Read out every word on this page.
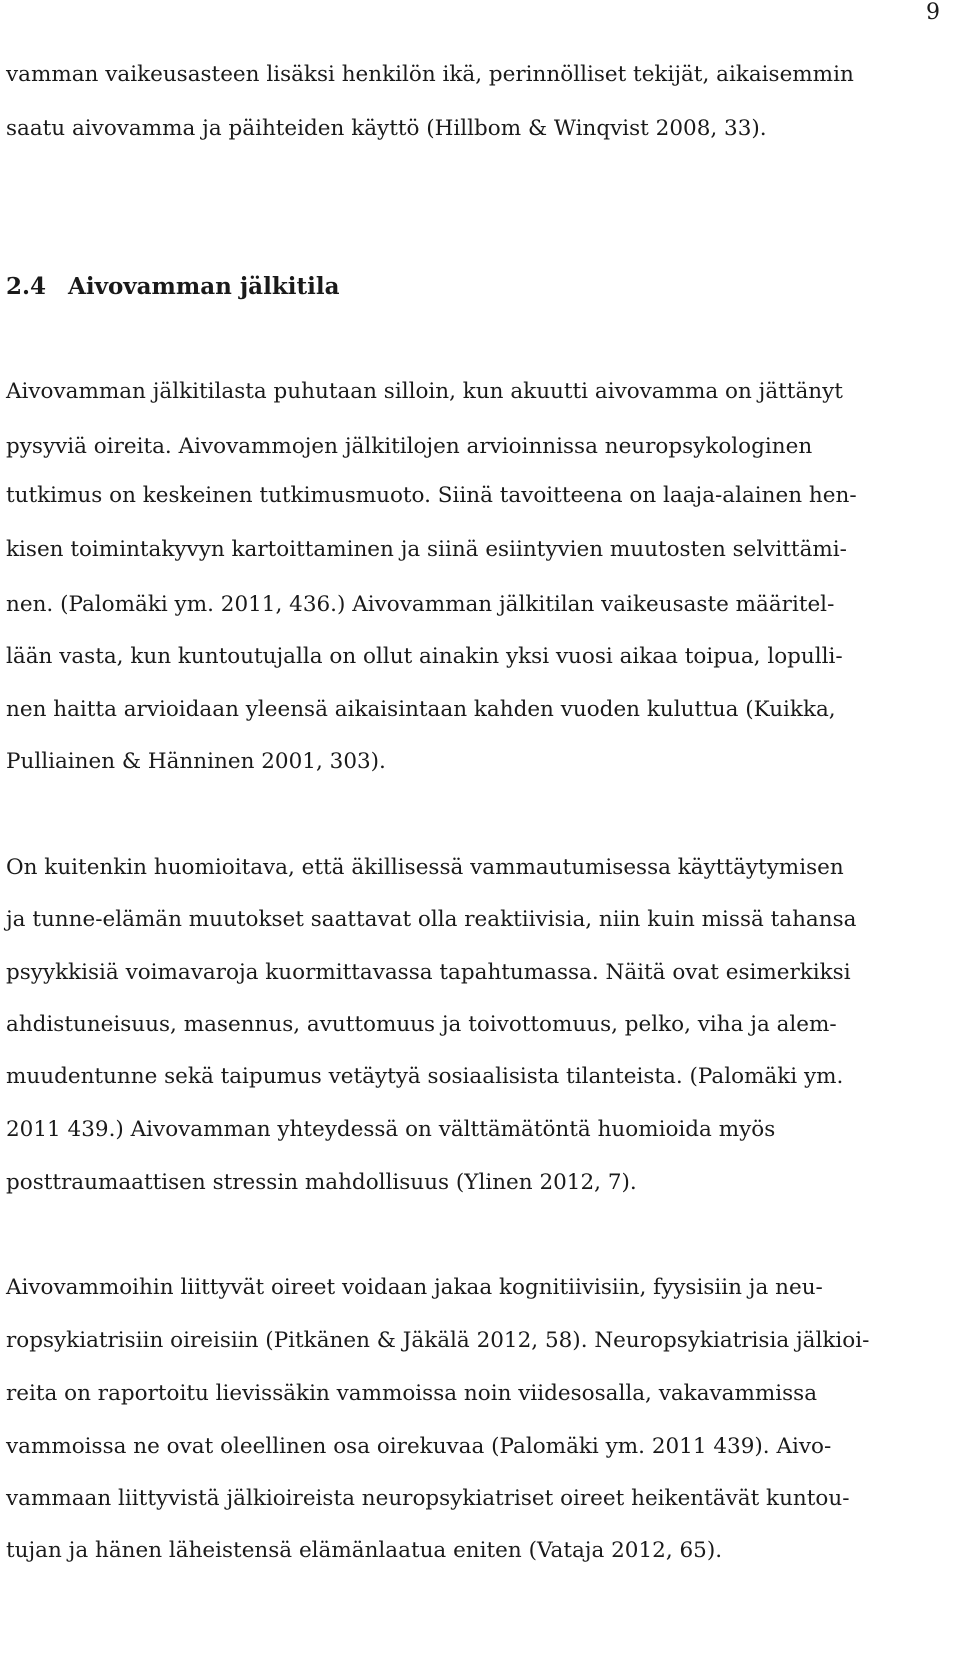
9
vamman vaikeusasteen lisäksi henkilön ikä, perinnölliset tekijät, aikaisemmin
saatu aivovamma ja päihteiden käyttö (Hillbom & Winqvist 2008, 33).
2.4 Aivovamman jälkitila
Aivovamman jälkitilasta puhutaan silloin, kun akuutti aivovamma on jättänyt
pysyviä oireita. Aivovammojen jälkitilojen arvioinnissa neuropsykologinen
tutkimus on keskeinen tutkimusmuoto. Siinä tavoitteena on laaja-alainen hen-
kisen toimintakyvyn kartoittaminen ja siinä esiintyvien muutosten selvittämi-
nen. (Palomäki ym. 2011, 436.) Aivovamman jälkitilan vaikeusaste määritel-
lään vasta, kun kuntoutujalla on ollut ainakin yksi vuosi aikaa toipua, lopulli-
nen haitta arvioidaan yleensä aikaisintaan kahden vuoden kuluttua (Kuikka,
Pulliainen & Hänninen 2001, 303).
On kuitenkin huomioitava, että äkillisessä vammautumisessa käyttäytymisen
ja tunne-elämän muutokset saattavat olla reaktiivisia, niin kuin missä tahansa
psyykkisiä voimavaroja kuormittavassa tapahtumassa. Näitä ovat esimerkiksi
ahdistuneisuus, masennus, avuttomuus ja toivottomuus, pelko, viha ja alem-
muudentunne sekä taipumus vetäytyä sosiaalisista tilanteista. (Palomäki ym.
2011 439.) Aivovamman yhteydessä on välttämätöntä huomioida myös
posttraumaattisen stressin mahdollisuus (Ylinen 2012, 7).
Aivovammoihin liittyvät oireet voidaan jakaa kognitiivisiin, fyysisiin ja neu-
ropsykiatrisiin oireisiin (Pitkänen & Jäkälä 2012, 58). Neuropsykiatrisia jälkioi-
reita on raportoitu lievissäkin vammoissa noin viidesosalla, vakavammissa
vammoissa ne ovat oleellinen osa oirekuvaa (Palomäki ym. 2011 439). Aivo-
vammaan liittyvistä jälkioireista neuropsykiatriset oireet heikentävät kuntou-
tujan ja hänen läheistensä elämänlaatua eniten (Vataja 2012, 65).
